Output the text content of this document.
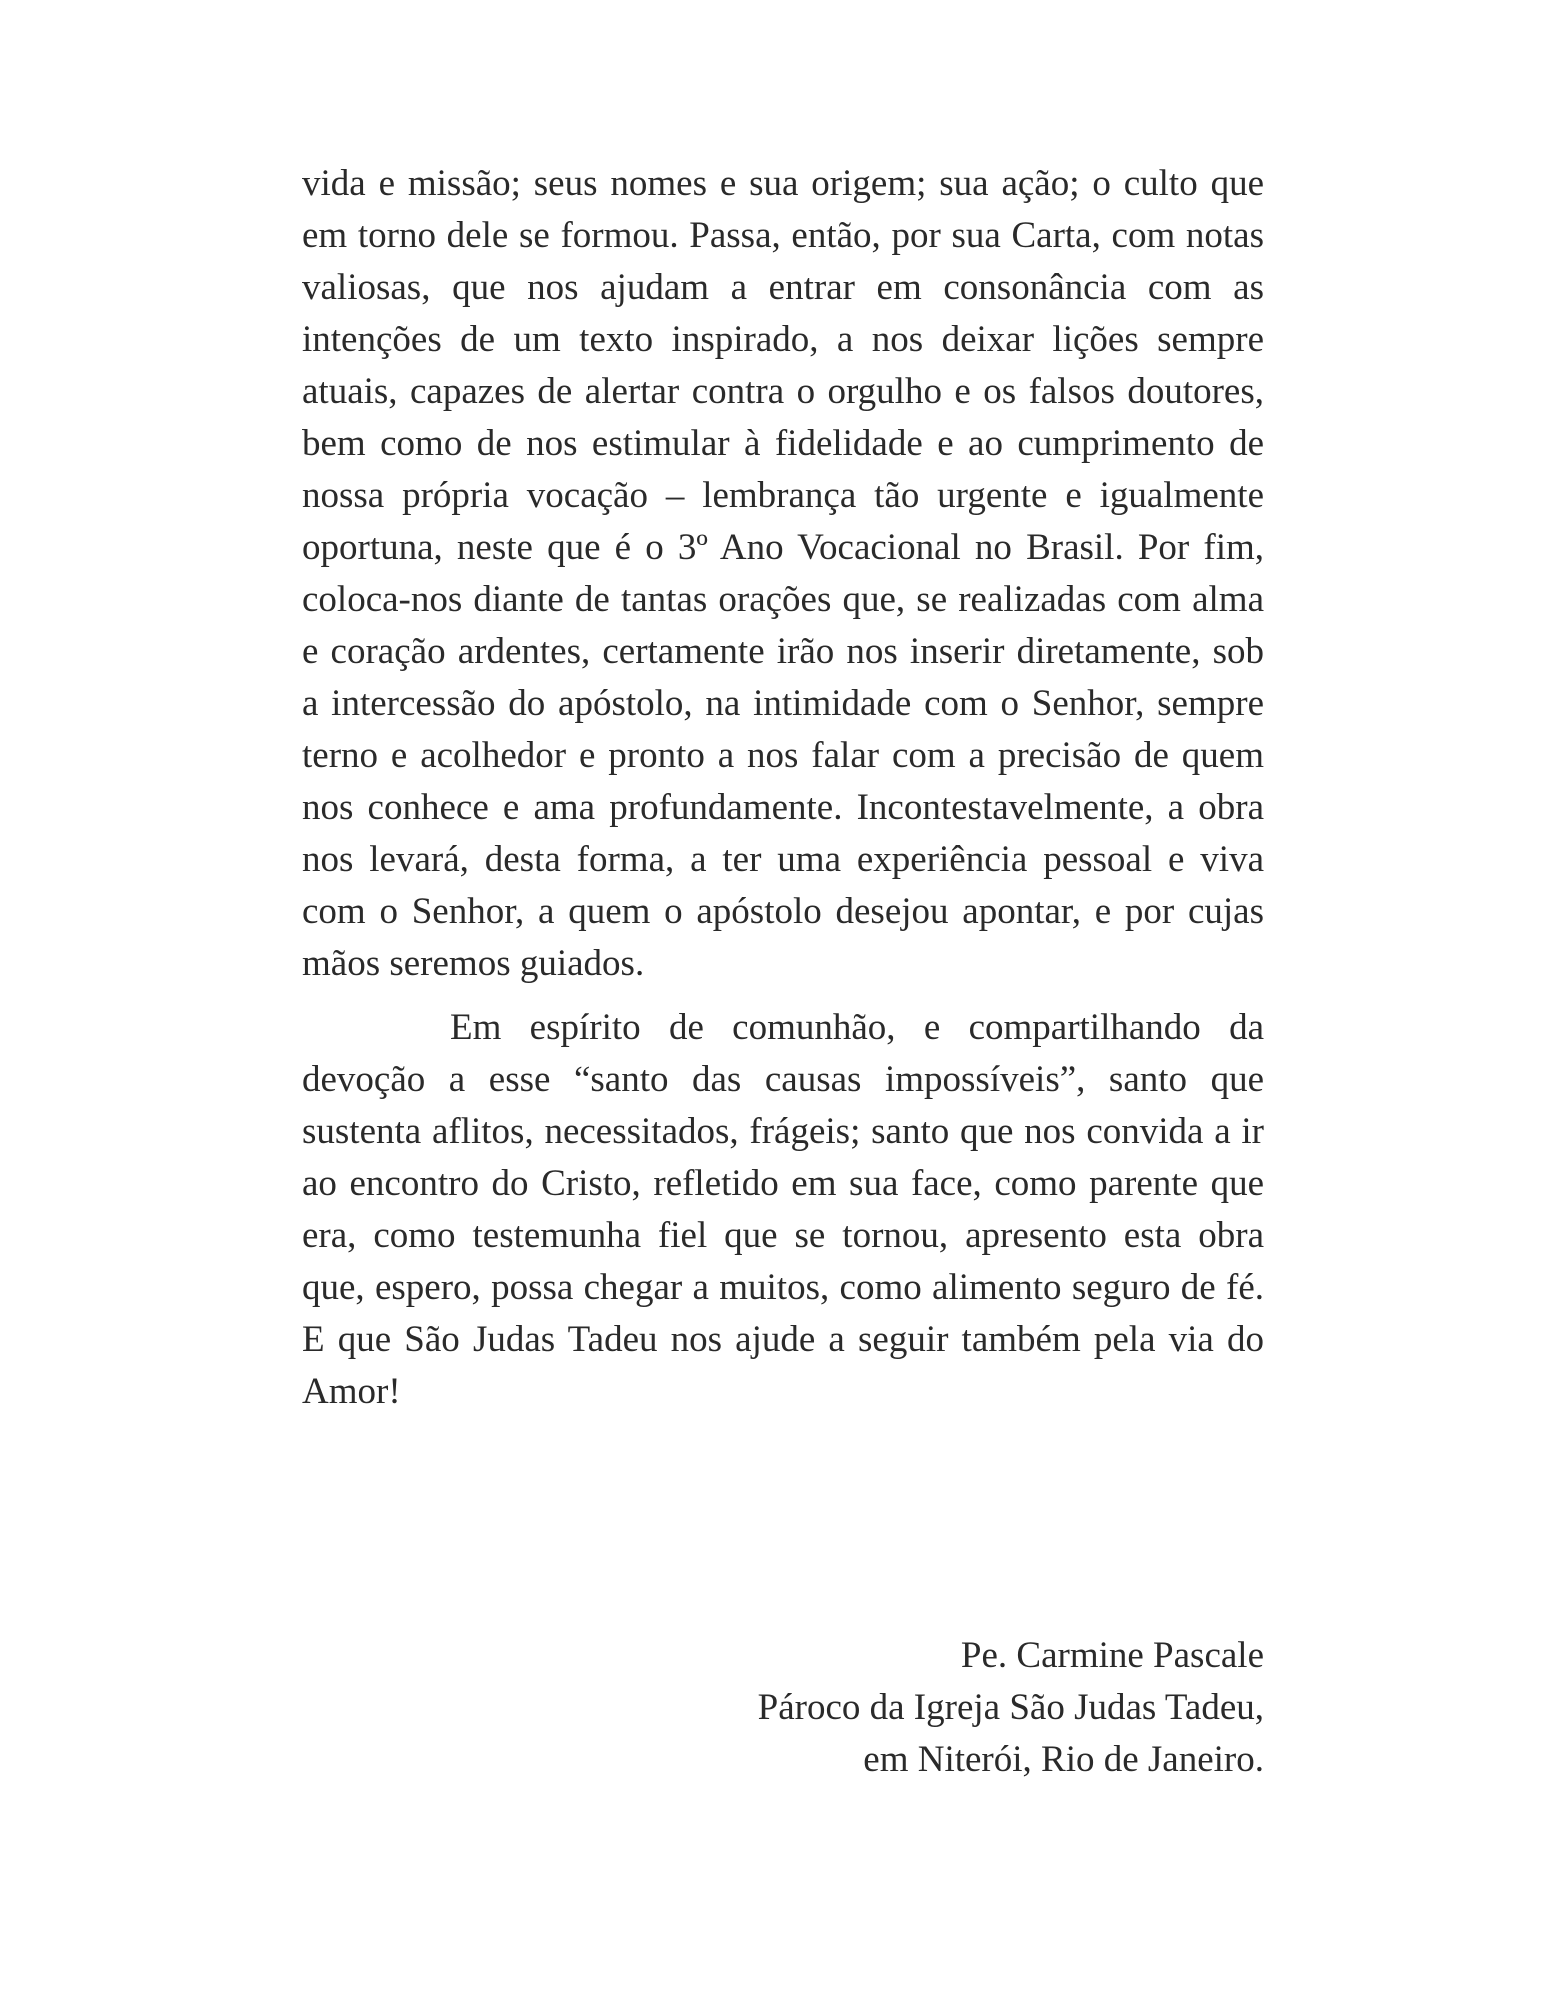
vida e missão; seus nomes e sua origem; sua ação; o culto que em torno dele se formou. Passa, então, por sua Carta, com notas valiosas, que nos ajudam a entrar em consonância com as intenções de um texto inspirado, a nos deixar lições sempre atuais, capazes de alertar contra o orgulho e os falsos doutores, bem como de nos estimular à fidelidade e ao cumprimento de nossa própria vocação – lembrança tão urgente e igualmente oportuna, neste que é o 3º Ano Vocacional no Brasil. Por fim, coloca-nos diante de tantas orações que, se realizadas com alma e coração ardentes, certamente irão nos inserir diretamente, sob a intercessão do apóstolo, na intimidade com o Senhor, sempre terno e acolhedor e pronto a nos falar com a precisão de quem nos conhece e ama profundamente. Incontestavelmente, a obra nos levará, desta forma, a ter uma experiência pessoal e viva com o Senhor, a quem o apóstolo desejou apontar, e por cujas mãos seremos guiados.

Em espírito de comunhão, e compartilhando da devoção a esse “santo das causas impossíveis”, santo que sustenta aflitos, necessitados, frágeis; santo que nos convida a ir ao encontro do Cristo, refletido em sua face, como parente que era, como testemunha fiel que se tornou, apresento esta obra que, espero, possa chegar a muitos, como alimento seguro de fé. E que São Judas Tadeu nos ajude a seguir também pela via do Amor!

Pe. Carmine Pascale
Pároco da Igreja São Judas Tadeu,
em Niterói, Rio de Janeiro.
